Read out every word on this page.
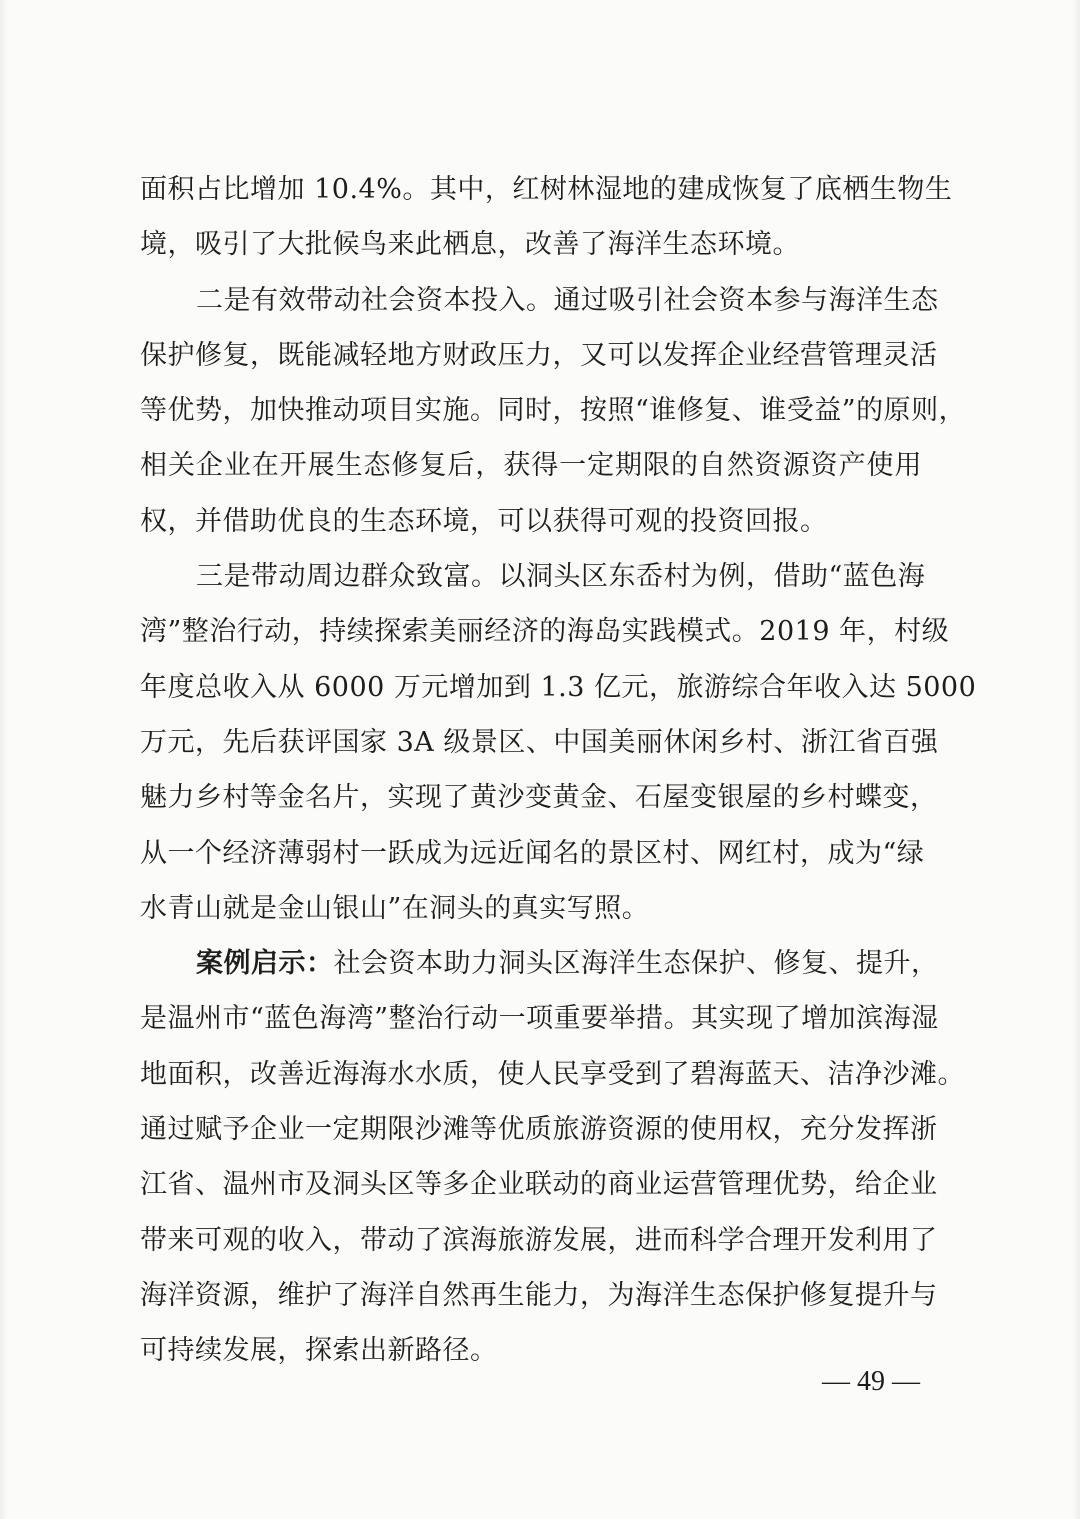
面积占比增加 10.4%。其中，红树林湿地的建成恢复了底栖生物生
境，吸引了大批候鸟来此栖息，改善了海洋生态环境。
二是有效带动社会资本投入。通过吸引社会资本参与海洋生态
保护修复，既能减轻地方财政压力，又可以发挥企业经营管理灵活
等优势，加快推动项目实施。同时，按照“谁修复、谁受益”的原则，
相关企业在开展生态修复后，获得一定期限的自然资源资产使用
权，并借助优良的生态环境，可以获得可观的投资回报。
三是带动周边群众致富。以洞头区东岙村为例，借助“蓝色海
湾”整治行动，持续探索美丽经济的海岛实践模式。2019 年，村级
年度总收入从 6000 万元增加到 1.3 亿元，旅游综合年收入达 5000
万元，先后获评国家 3A 级景区、中国美丽休闲乡村、浙江省百强
魅力乡村等金名片，实现了黄沙变黄金、石屋变银屋的乡村蝶变，
从一个经济薄弱村一跃成为远近闻名的景区村、网红村，成为“绿
水青山就是金山银山”在洞头的真实写照。
案例启示：社会资本助力洞头区海洋生态保护、修复、提升，
是温州市“蓝色海湾”整治行动一项重要举措。其实现了增加滨海湿
地面积，改善近海海水水质，使人民享受到了碧海蓝天、洁净沙滩。
通过赋予企业一定期限沙滩等优质旅游资源的使用权，充分发挥浙
江省、温州市及洞头区等多企业联动的商业运营管理优势，给企业
带来可观的收入，带动了滨海旅游发展，进而科学合理开发利用了
海洋资源，维护了海洋自然再生能力，为海洋生态保护修复提升与
可持续发展，探索出新路径。
— 49 —
